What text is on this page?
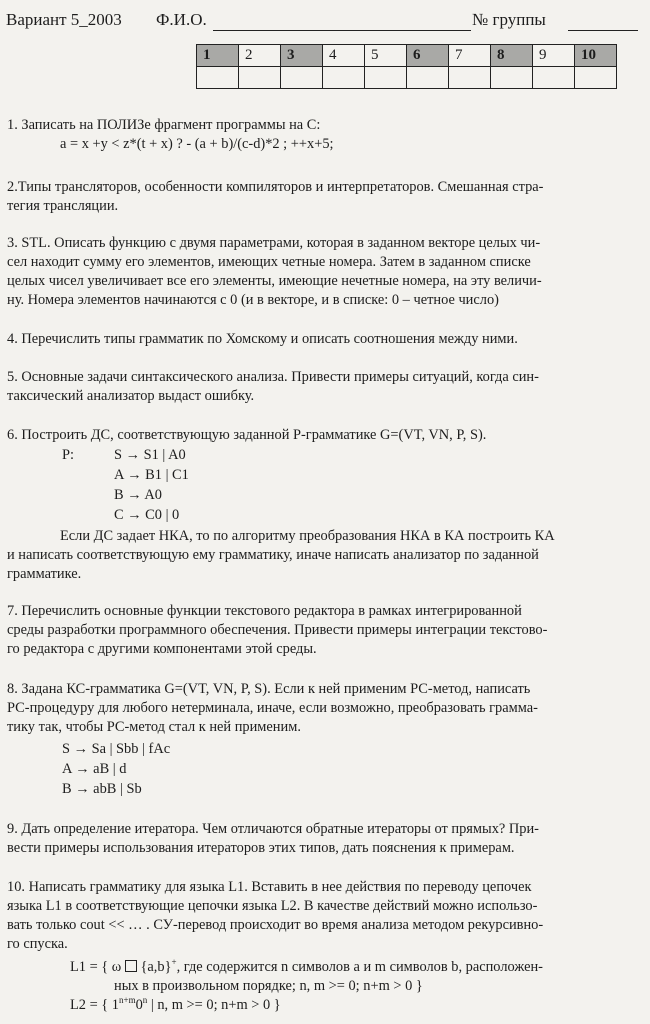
Вариант 5_2003 Ф.И.О.	№ группы
1	2	3	4	5	6	7	8	9	10

1. Записать на ПОЛИЗе фрагмент программы на С:

a = x +y < z*(t + x) ? - (a + b)/(c-d)*2 ; ++x+5;

2.Типы трансляторов, особенности компиляторов и интерпретаторов. Смешанная стра-

тегия трансляции.

3. STL. Описать функцию с двумя параметрами, которая в заданном векторе целых чи-

сел находит сумму его элементов, имеющих четные номера. Затем в заданном списке

целых чисел увеличивает все его элементы, имеющие нечетные номера, на эту величи-

ну. Номера элементов начинаются с 0 (и в векторе, и в списке: 0 – четное число)

4. Перечислить типы грамматик по Хомскому и описать соотношения между ними.

5. Основные задачи синтаксического анализа. Привести примеры ситуаций, когда син-

таксический анализатор выдаст ошибку.

6. Построить ДС, соответствующую заданной Р-грамматике G=(VT, VN, P, S).

P:	S → S1 | A0
A → B1 | C1
B → A0
C → C0 | 0

Если ДС задает НКА, то по алгоритму преобразования НКА в КА построить КА

и написать соответствующую ему грамматику, иначе написать анализатор по заданной

грамматике.

7. Перечислить основные функции текстового редактора в рамках интегрированной

среды разработки программного обеспечения. Привести примеры интеграции текстово-

го редактора с другими компонентами этой среды.

8. Задана КС-грамматика G=(VT, VN, P, S). Если к ней применим РС-метод, написать

РС-процедуру для любого нетерминала, иначе, если возможно, преобразовать грамма-

тику так, чтобы РС-метод стал к ней применим.

S → Sa | Sbb | fAc
A → aB | d
B → abB | Sb

9. Дать определение итератора. Чем отличаются обратные итераторы от прямых? При-

вести примеры использования итераторов этих типов, дать пояснения к примерам.

10. Написать грамматику для языка L1. Вставить в нее действия по переводу цепочек

языка L1 в соответствующие цепочки языка L2. В качестве действий можно использо-

вать только cout << … . СУ-перевод происходит во время анализа методом рекурсивно-

го спуска.

L1 = { ω {a,b}+, где содержится n символов a и m символов b, расположен-

ных в произвольном порядке; n, m >= 0; n+m > 0 }

L2 = { $1^{n+m}0^n$ | n, m >= 0; n+m > 0 }
